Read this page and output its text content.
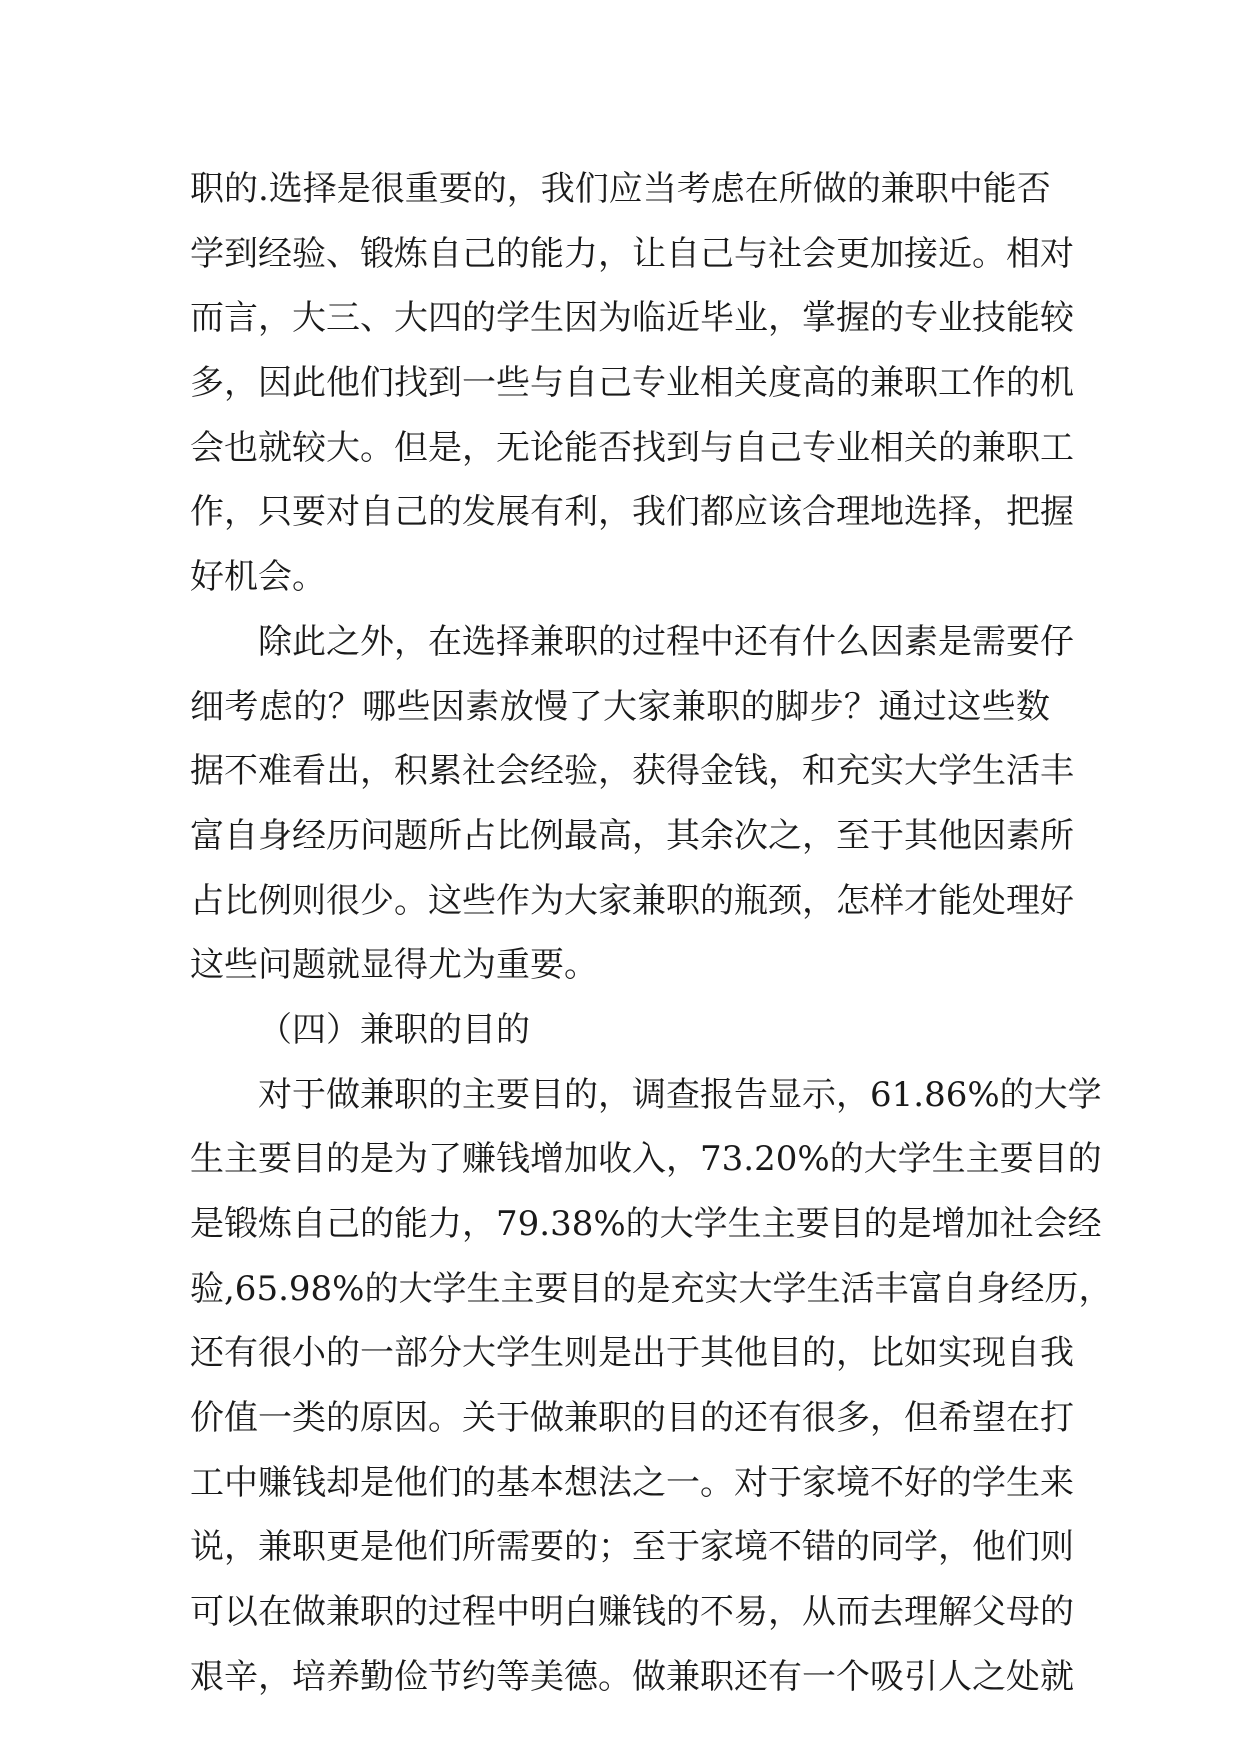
职的.选择是很重要的，我们应当考虑在所做的兼职中能否
学到经验、锻炼自己的能力，让自己与社会更加接近。相对
而言，大三、大四的学生因为临近毕业，掌握的专业技能较
多，因此他们找到一些与自己专业相关度高的兼职工作的机
会也就较大。但是，无论能否找到与自己专业相关的兼职工
作，只要对自己的发展有利，我们都应该合理地选择，把握
好机会。
除此之外，在选择兼职的过程中还有什么因素是需要仔
细考虑的？哪些因素放慢了大家兼职的脚步？通过这些数
据不难看出，积累社会经验，获得金钱，和充实大学生活丰
富自身经历问题所占比例最高，其余次之，至于其他因素所
占比例则很少。这些作为大家兼职的瓶颈，怎样才能处理好
这些问题就显得尤为重要。
（四）兼职的目的
对于做兼职的主要目的，调查报告显示，61.86%的大学
生主要目的是为了赚钱增加收入，73.20%的大学生主要目的
是锻炼自己的能力，79.38%的大学生主要目的是增加社会经
验,65.98%的大学生主要目的是充实大学生活丰富自身经历，
还有很小的一部分大学生则是出于其他目的，比如实现自我
价值一类的原因。关于做兼职的目的还有很多，但希望在打
工中赚钱却是他们的基本想法之一。对于家境不好的学生来
说，兼职更是他们所需要的；至于家境不错的同学，他们则
可以在做兼职的过程中明白赚钱的不易，从而去理解父母的
艰辛，培养勤俭节约等美德。做兼职还有一个吸引人之处就
